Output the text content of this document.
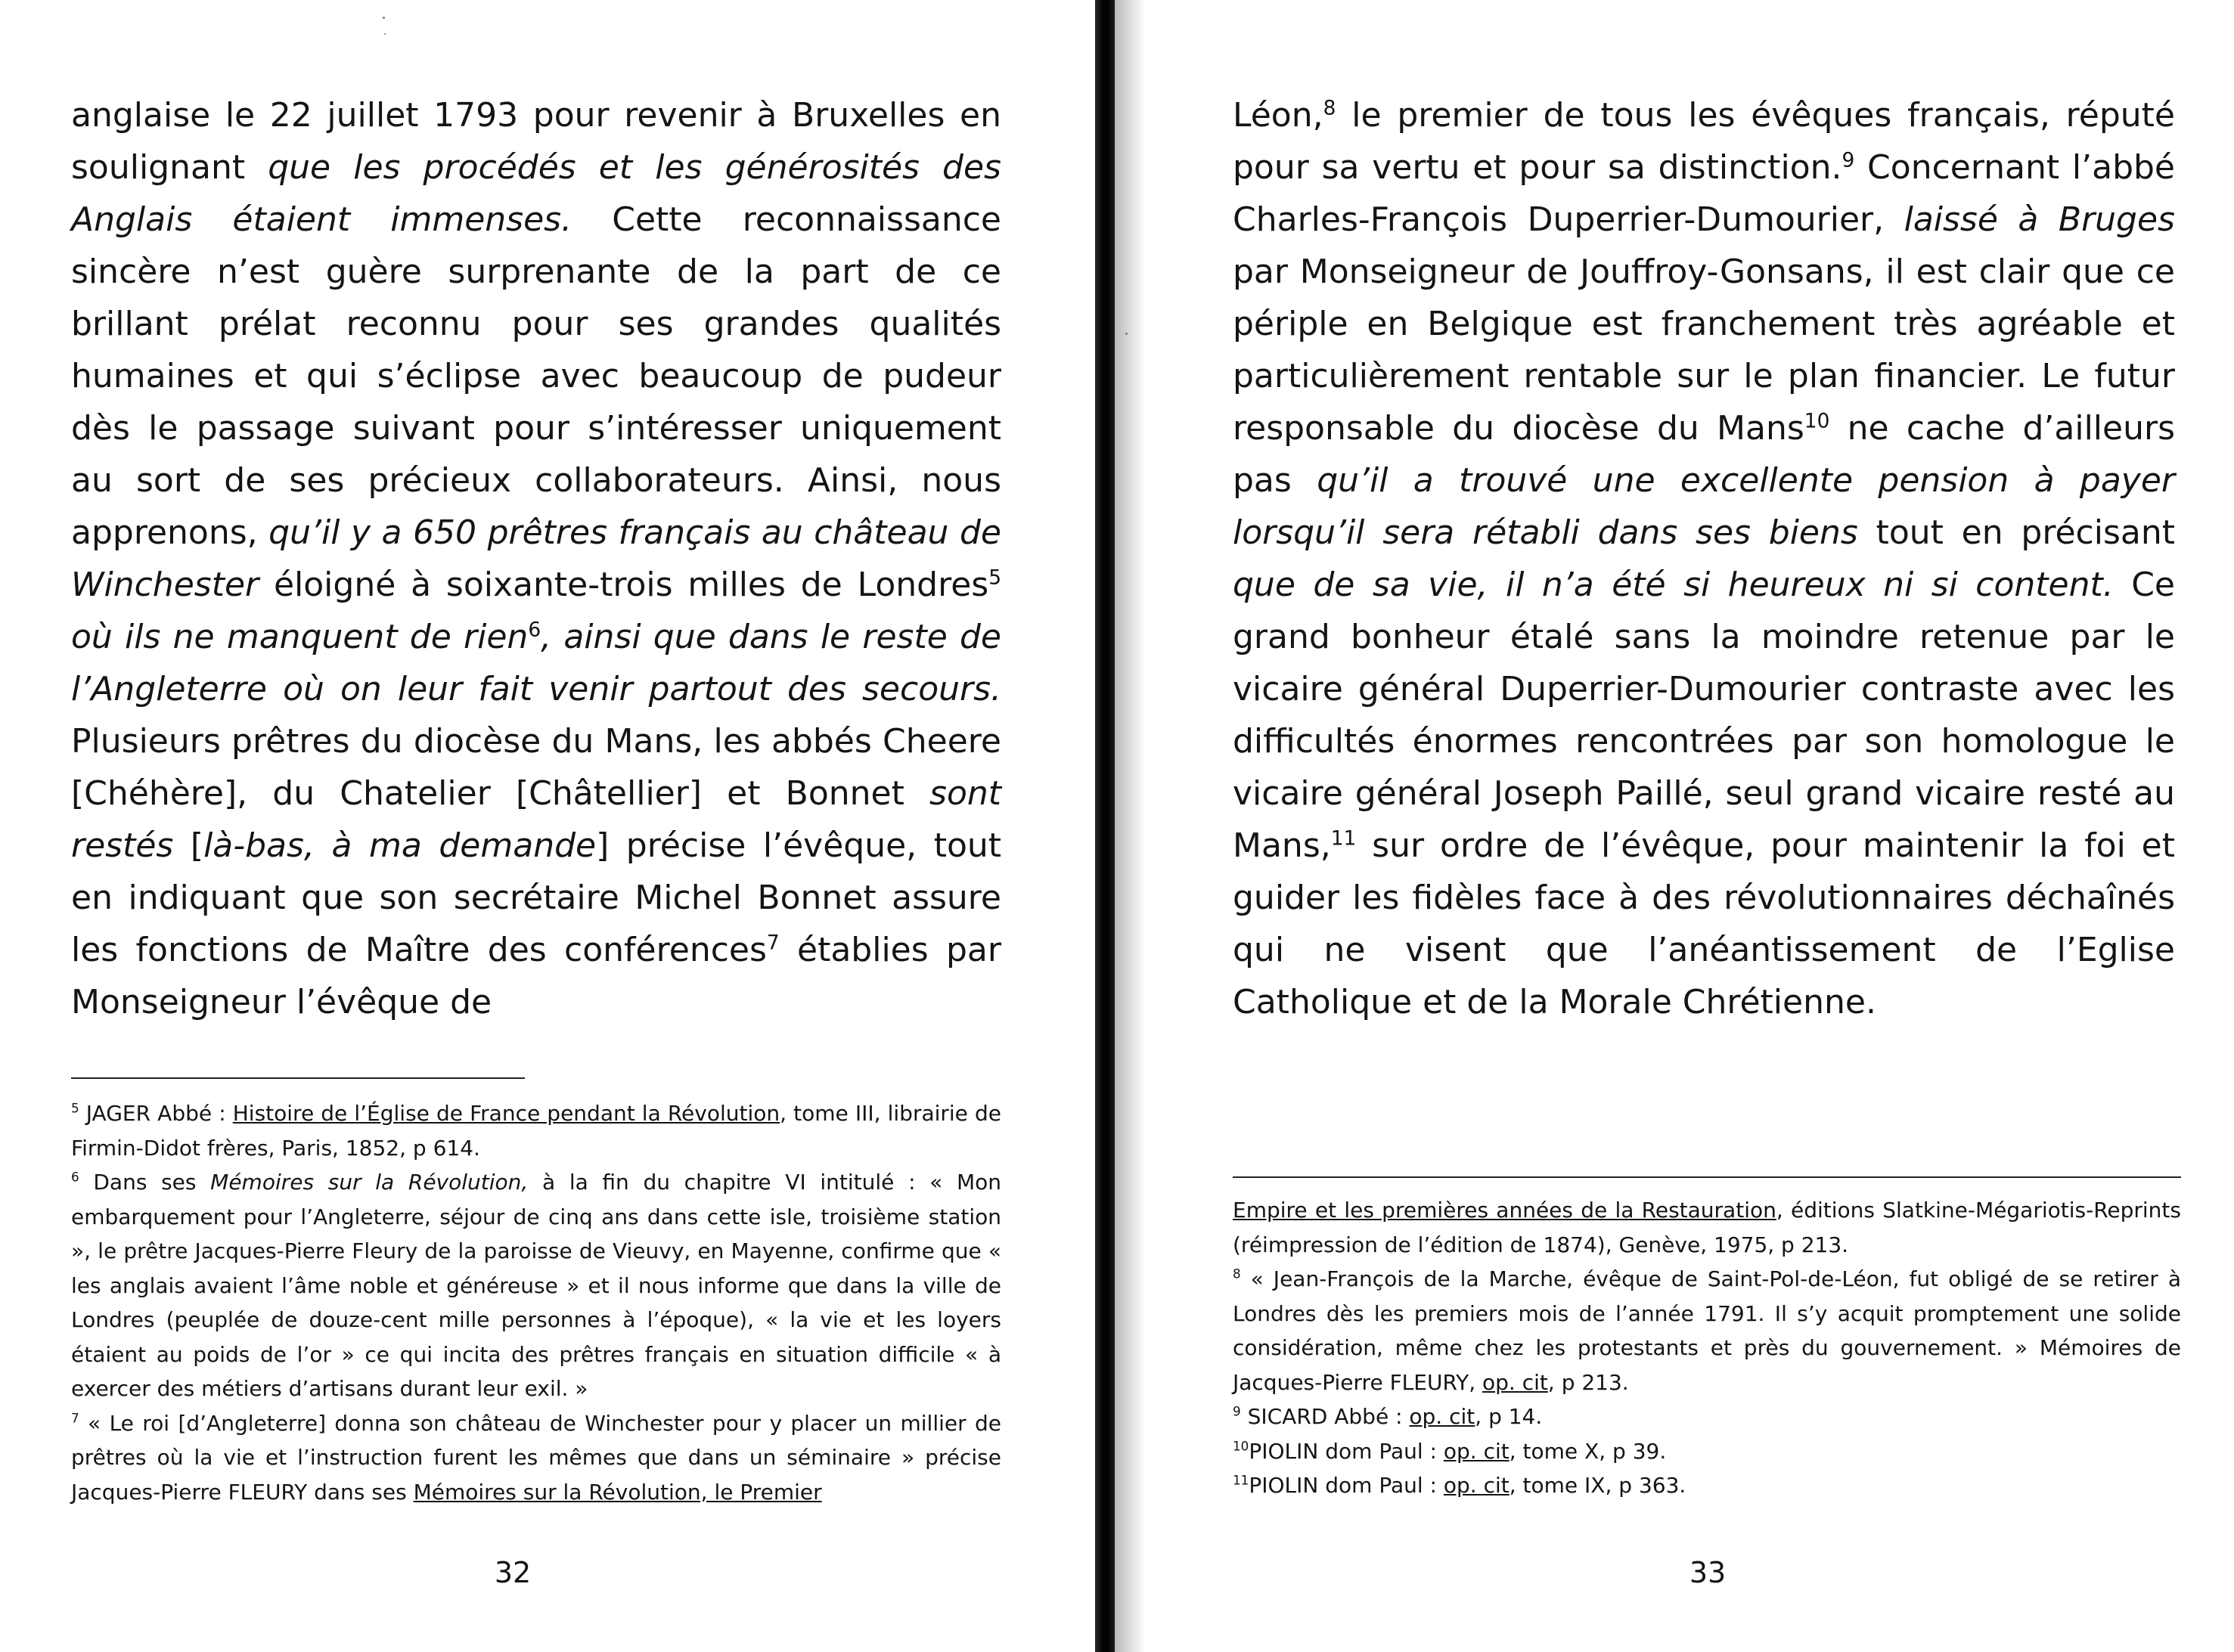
anglaise le 22 juillet 1793 pour revenir à Bruxelles en soulignant que les procédés et les générosités des Anglais étaient immenses. Cette reconnaissance sincère n’est guère surprenante de la part de ce brillant prélat reconnu pour ses grandes qualités humaines et qui s’éclipse avec beaucoup de pudeur dès le passage suivant pour s’intéresser uniquement au sort de ses précieux collaborateurs. Ainsi, nous apprenons, qu’il y a 650 prêtres français au château de Winchester éloigné à soixante-trois milles de Londres$^5$ où ils ne manquent de rien$^6$, ainsi que dans le reste de l’Angleterre où on leur fait venir partout des secours. Plusieurs prêtres du diocèse du Mans, les abbés Cheere [Chéhère], du Chatelier [Châtellier] et Bonnet sont restés [là-bas, à ma demande] précise l’évêque, tout en indiquant que son secrétaire Michel Bonnet assure les fonctions de Maître des conférences$^7$ établies par Monseigneur l’évêque de

$^5$ JAGER Abbé : Histoire de l’Église de France pendant la Révolution, tome III, librairie de Firmin-Didot frères, Paris, 1852, p 614.

$^6$ Dans ses Mémoires sur la Révolution, à la fin du chapitre VI intitulé : « Mon embarquement pour l’Angleterre, séjour de cinq ans dans cette isle, troisième station », le prêtre Jacques-Pierre Fleury de la paroisse de Vieuvy, en Mayenne, confirme que « les anglais avaient l’âme noble et généreuse » et il nous informe que dans la ville de Londres (peuplée de douze-cent mille personnes à l’époque), « la vie et les loyers étaient au poids de l’or » ce qui incita des prêtres français en situation difficile « à exercer des métiers d’artisans durant leur exil. »

$^7$ « Le roi [d’Angleterre] donna son château de Winchester pour y placer un millier de prêtres où la vie et l’instruction furent les mêmes que dans un séminaire » précise Jacques-Pierre FLEURY dans ses Mémoires sur la Révolution, le Premier

32

Léon,$^8$ le premier de tous les évêques français, réputé pour sa vertu et pour sa distinction.$^9$ Concernant l’abbé Charles-François Duperrier-Dumourier, laissé à Bruges par Monseigneur de Jouffroy-Gonsans, il est clair que ce périple en Belgique est franchement très agréable et particulièrement rentable sur le plan financier. Le futur responsable du diocèse du Mans$^{10}$ ne cache d’ailleurs pas qu’il a trouvé une excellente pension à payer lorsqu’il sera rétabli dans ses biens tout en précisant que de sa vie, il n’a été si heureux ni si content. Ce grand bonheur étalé sans la moindre retenue par le vicaire général Duperrier-Dumourier contraste avec les difficultés énormes rencontrées par son homologue le vicaire général Joseph Paillé, seul grand vicaire resté au Mans,$^{11}$ sur ordre de l’évêque, pour maintenir la foi et guider les fidèles face à des révolutionnaires déchaînés qui ne visent que l’anéantissement de l’Eglise Catholique et de la Morale Chrétienne.

Empire et les premières années de la Restauration, éditions Slatkine-Mégariotis-Reprints (réimpression de l’édition de 1874), Genève, 1975, p 213.

$^8$ « Jean-François de la Marche, évêque de Saint-Pol-de-Léon, fut obligé de se retirer à Londres dès les premiers mois de l’année 1791. Il s’y acquit promptement une solide considération, même chez les protestants et près du gouvernement. » Mémoires de Jacques-Pierre FLEURY, op. cit, p 213.

$^9$ SICARD Abbé : op. cit, p 14.

$^{10}$PIOLIN dom Paul : op. cit, tome X, p 39.

$^{11}$PIOLIN dom Paul : op. cit, tome IX, p 363.

33
